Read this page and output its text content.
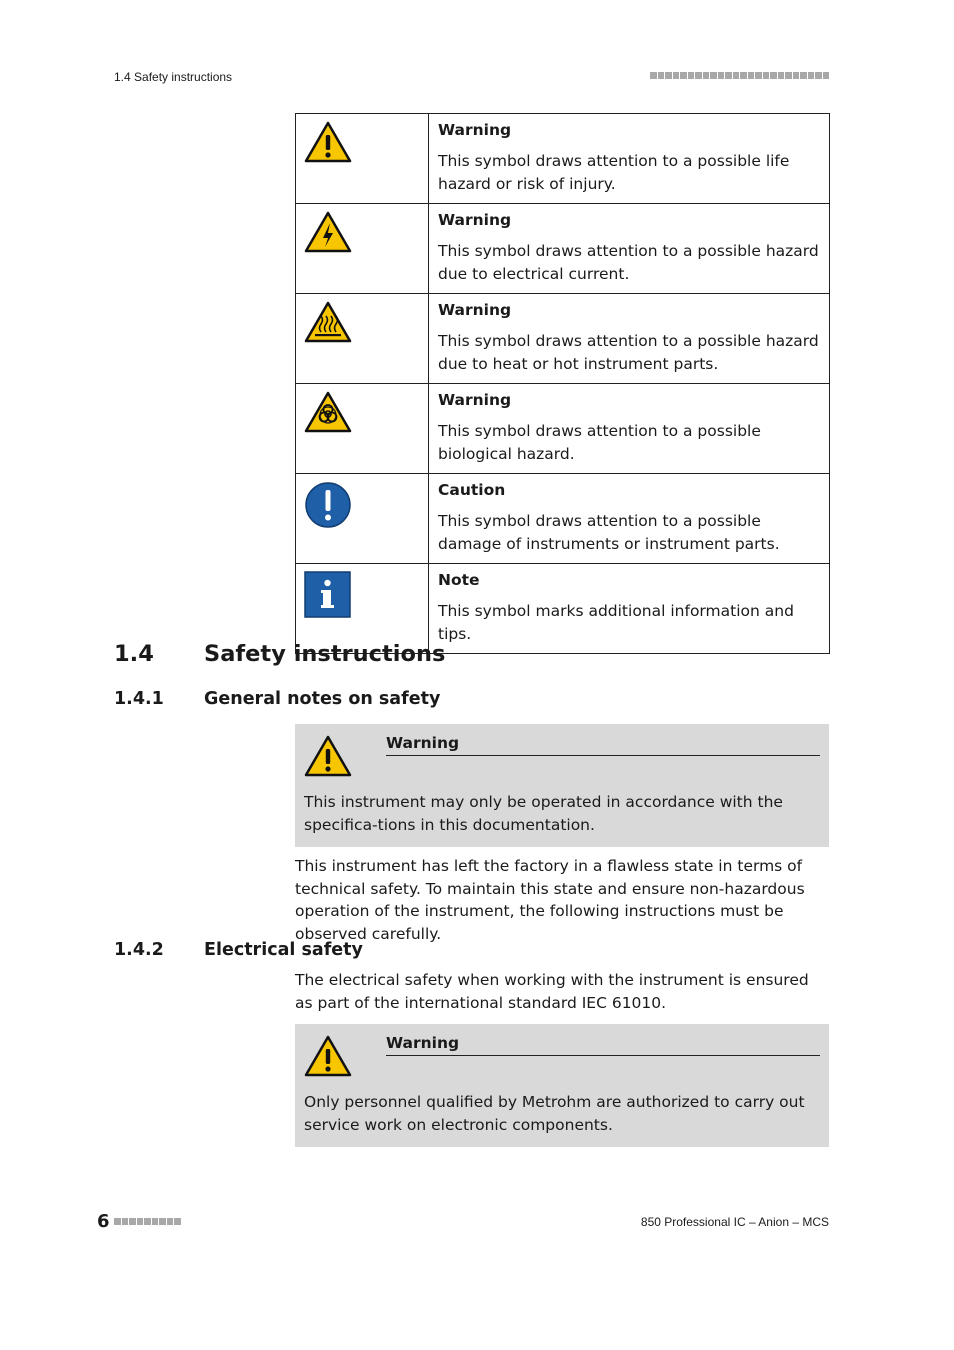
1.4 Safety instructions

Warning
This symbol draws attention to a possible life hazard or risk of injury.

Warning
This symbol draws attention to a possible hazard due to electrical current.

Warning
This symbol draws attention to a possible hazard due to heat or hot instrument parts.

Warning
This symbol draws attention to a possible biological hazard.

Caution
This symbol draws attention to a possible damage of instruments or instrument parts.

Note
This symbol marks additional information and tips.
1.4	Safety instructions
1.4.1	General notes on safety
Warning
This instrument may only be operated in accordance with the specifica-tions in this documentation.
This instrument has left the factory in a flawless state in terms of technical safety. To maintain this state and ensure non-hazardous operation of the instrument, the following instructions must be observed carefully.
1.4.2	Electrical safety
The electrical safety when working with the instrument is ensured as part of the international standard IEC 61010.
Warning
Only personnel qualified by Metrohm are authorized to carry out service work on electronic components.
6	850 Professional IC – Anion – MCS
